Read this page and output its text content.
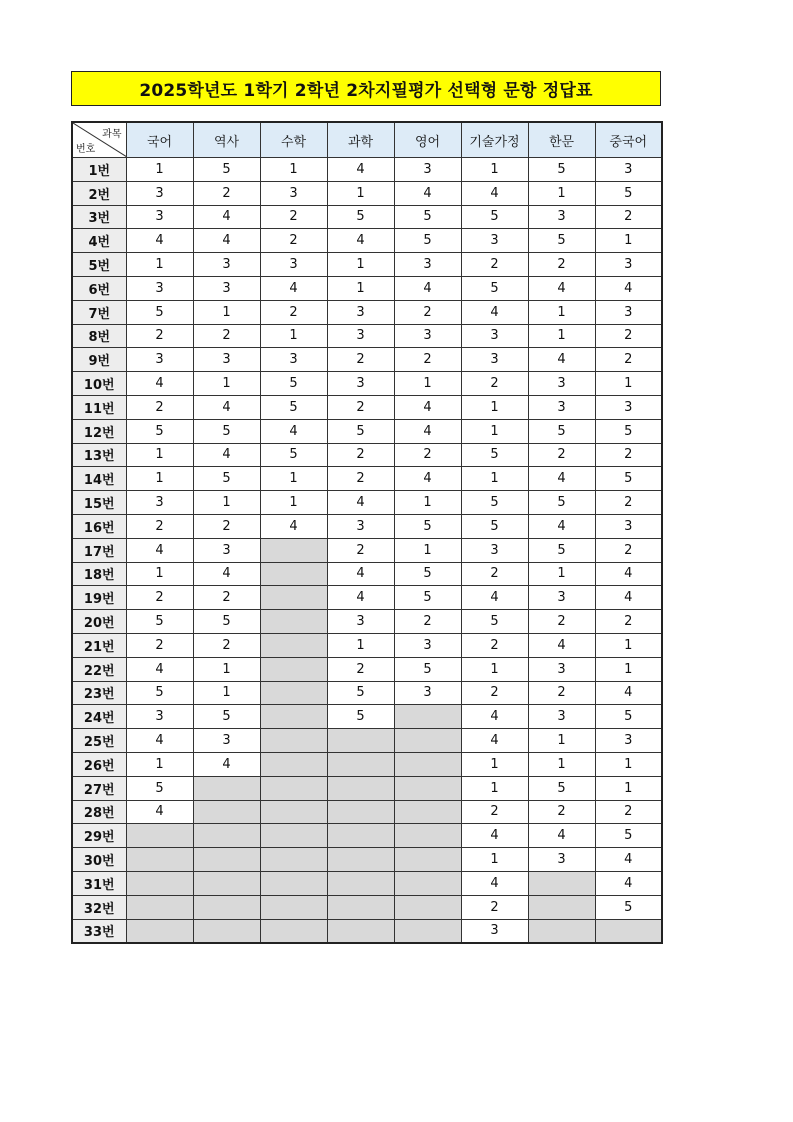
2025학년도 1학기 2학년 2차지필평가 선택형 문항 정답표
과목
번호	국어	역사	수학	과학	영어	기술가정	한문	중국어
1번	1	5	1	4	3	1	5	3
2번	3	2	3	1	4	4	1	5
3번	3	4	2	5	5	5	3	2
4번	4	4	2	4	5	3	5	1
5번	1	3	3	1	3	2	2	3
6번	3	3	4	1	4	5	4	4
7번	5	1	2	3	2	4	1	3
8번	2	2	1	3	3	3	1	2
9번	3	3	3	2	2	3	4	2
10번	4	1	5	3	1	2	3	1
11번	2	4	5	2	4	1	3	3
12번	5	5	4	5	4	1	5	5
13번	1	4	5	2	2	5	2	2
14번	1	5	1	2	4	1	4	5
15번	3	1	1	4	1	5	5	2
16번	2	2	4	3	5	5	4	3
17번	4	3		2	1	3	5	2
18번	1	4		4	5	2	1	4
19번	2	2		4	5	4	3	4
20번	5	5		3	2	5	2	2
21번	2	2		1	3	2	4	1
22번	4	1		2	5	1	3	1
23번	5	1		5	3	2	2	4
24번	3	5		5		4	3	5
25번	4	3				4	1	3
26번	1	4				1	1	1
27번	5					1	5	1
28번	4					2	2	2
29번						4	4	5
30번						1	3	4
31번						4		4
32번						2		5
33번						3		
